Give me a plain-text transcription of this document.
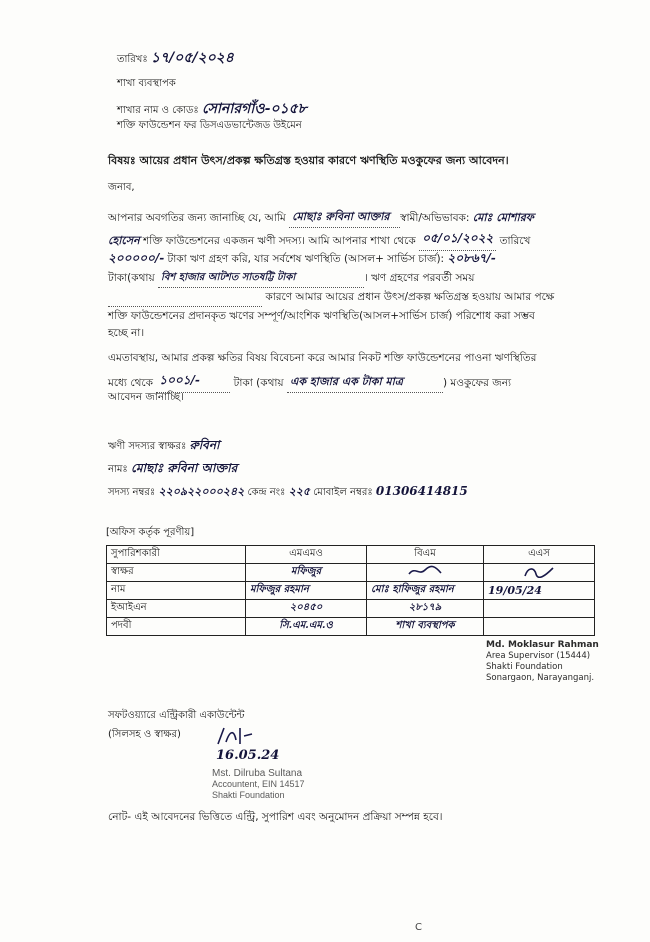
তারিখঃ ১৭/০৫/২০২৪
শাখা ব্যবস্থাপক
শাখার নাম ও কোডঃ সোনারগাঁও-০১৫৮
শক্তি ফাউন্ডেশন ফর ডিসএডভান্টেজড উইমেন
বিষয়ঃ আয়ের প্রধান উৎস/প্রকল্প ক্ষতিগ্রস্ত হওয়ার কারণে ঋণস্থিতি মওকুফের জন্য আবেদন।
জনাব,
আপনার অবগতির জন্য জানাচ্ছি যে, আমি মোছাঃ রুবিনা আক্তার স্বামী/অভিভাবক: মোঃ মোশারফ
হোসেন শক্তি ফাউন্ডেশনের একজন ঋণী সদস্য। আমি আপনার শাখা থেকে ০৫/০১/২০২২ তারিখে
২০০০০০/- টাকা ঋণ গ্রহণ করি, যার সর্বশেষ ঋণস্থিতি (আসল+ সার্ভিস চার্জ): ২০৮৬৭/-
টাকা(কথায় বিশ হাজার আটশত সাতষট্টি টাকা	। ঋণ গ্রহণের পরবর্তী সময়
কারণে আমার আয়ের প্রধান উৎস/প্রকল্প ক্ষতিগ্রস্ত হওয়ায় আমার পক্ষে
শক্তি ফাউন্ডেশনের প্রদানকৃত ঋণের সম্পূর্ণ/আংশিক ঋণস্থিতি(আসল+সার্ভিস চার্জ) পরিশোধ করা সম্ভব
হচ্ছে না।
এমতাবস্থায়, আমার প্রকল্প ক্ষতির বিষয় বিবেচনা করে আমার নিকট শক্তি ফাউন্ডেশনের পাওনা ঋণস্থিতির
মধ্যে থেকে ১০০১/-	টাকা (কথায় এক হাজার এক টাকা মাত্র	) মওকুফের জন্য
আবেদন জানাচ্ছি।
ঋণী সদস্যর স্বাক্ষরঃ রুবিনা
নামঃ মোছাঃ রুবিনা আক্তার
সদস্য নম্বরঃ ২২০৯২২০০০২৪২ কেন্দ্র নংঃ ২২৫ মোবাইল নম্বরঃ 01306414815
[অফিস কর্তৃক পূরণীয়]
সুপারিশকারী	এমএমও	বিএম	এএস
স্বাক্ষর	মফিজুর		
নাম	মফিজুর রহমান	মোঃ হাফিজুর রহমান	19/05/24
ইআইএন	২০৪৫০	২৮১৭৯	
পদবী	সি.এম.এম.ও	শাখা ব্যবস্থাপক	
Md. Moklasur Rahman
Area Supervisor (15444)
Shakti Foundation
Sonargaon, Narayanganj.
সফটওয়্যারে এন্ট্রিকারী একাউন্টেন্ট
(সিলসহ ও স্বাক্ষর)
16.05.24
Mst. Dilruba Sultana
Accountent, EIN 14517
Shakti Foundation
নোট- এই আবেদনের ভিত্তিতে এন্ট্রি, সুপারিশ এবং অনুমোদন প্রক্রিয়া সম্পন্ন হবে।
C
